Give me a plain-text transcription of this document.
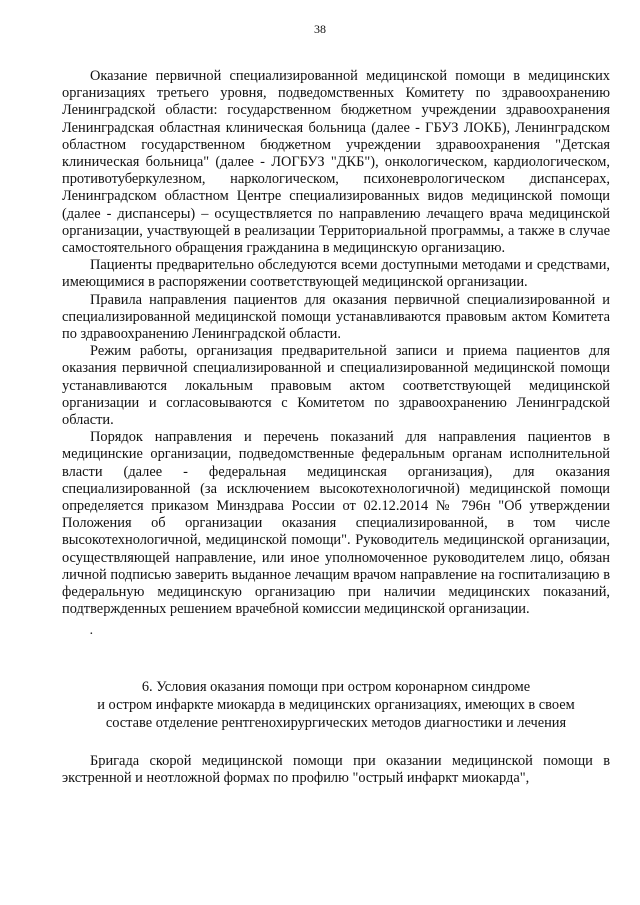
38

Оказание первичной специализированной медицинской помощи в медицинских организациях третьего уровня, подведомственных Комитету по здравоохранению Ленинградской области: государственном бюджетном учреждении здравоохранения Ленинградская областная клиническая больница (далее - ГБУЗ ЛОКБ), Ленинградском областном государственном бюджетном учреждении здравоохранения "Детская клиническая больница" (далее - ЛОГБУЗ "ДКБ"), онкологическом, кардиологическом, противотуберкулезном, наркологическом, психоневрологическом диспансерах, Ленинградском областном Центре специализированных видов медицинской помощи (далее - диспансеры) – осуществляется по направлению лечащего врача медицинской организации, участвующей в реализации Территориальной программы, а также в случае самостоятельного обращения гражданина в медицинскую организацию.

Пациенты предварительно обследуются всеми доступными методами и средствами, имеющимися в распоряжении соответствующей медицинской организации.

Правила направления пациентов для оказания первичной специализированной и специализированной медицинской помощи устанавливаются правовым актом Комитета по здравоохранению Ленинградской области.

Режим работы, организация предварительной записи и приема пациентов для оказания первичной специализированной и специализированной медицинской помощи устанавливаются локальным правовым актом соответствующей медицинской организации и согласовываются с Комитетом по здравоохранению Ленинградской области.

Порядок направления и перечень показаний для направления пациентов в медицинские организации, подведомственные федеральным органам исполнительной власти (далее - федеральная медицинская организация), для оказания специализированной (за исключением высокотехнологичной) медицинской помощи определяется приказом Минздрава России от 02.12.2014 № 796н "Об утверждении Положения об организации оказания специализированной, в том числе высокотехнологичной, медицинской помощи". Руководитель медицинской организации, осуществляющей направление, или иное уполномоченное руководителем лицо, обязан личной подписью заверить выданное лечащим врачом направление на госпитализацию в федеральную медицинскую организацию при наличии медицинских показаний, подтвержденных решением врачебной комиссии медицинской организации.

·
6. Условия оказания помощи при остром коронарном синдроме
и остром инфаркте миокарда в медицинских организациях, имеющих в своем
составе отделение рентгенохирургических методов диагностики и лечения

Бригада скорой медицинской помощи при оказании медицинской помощи в экстренной и неотложной формах по профилю "острый инфаркт миокарда",
